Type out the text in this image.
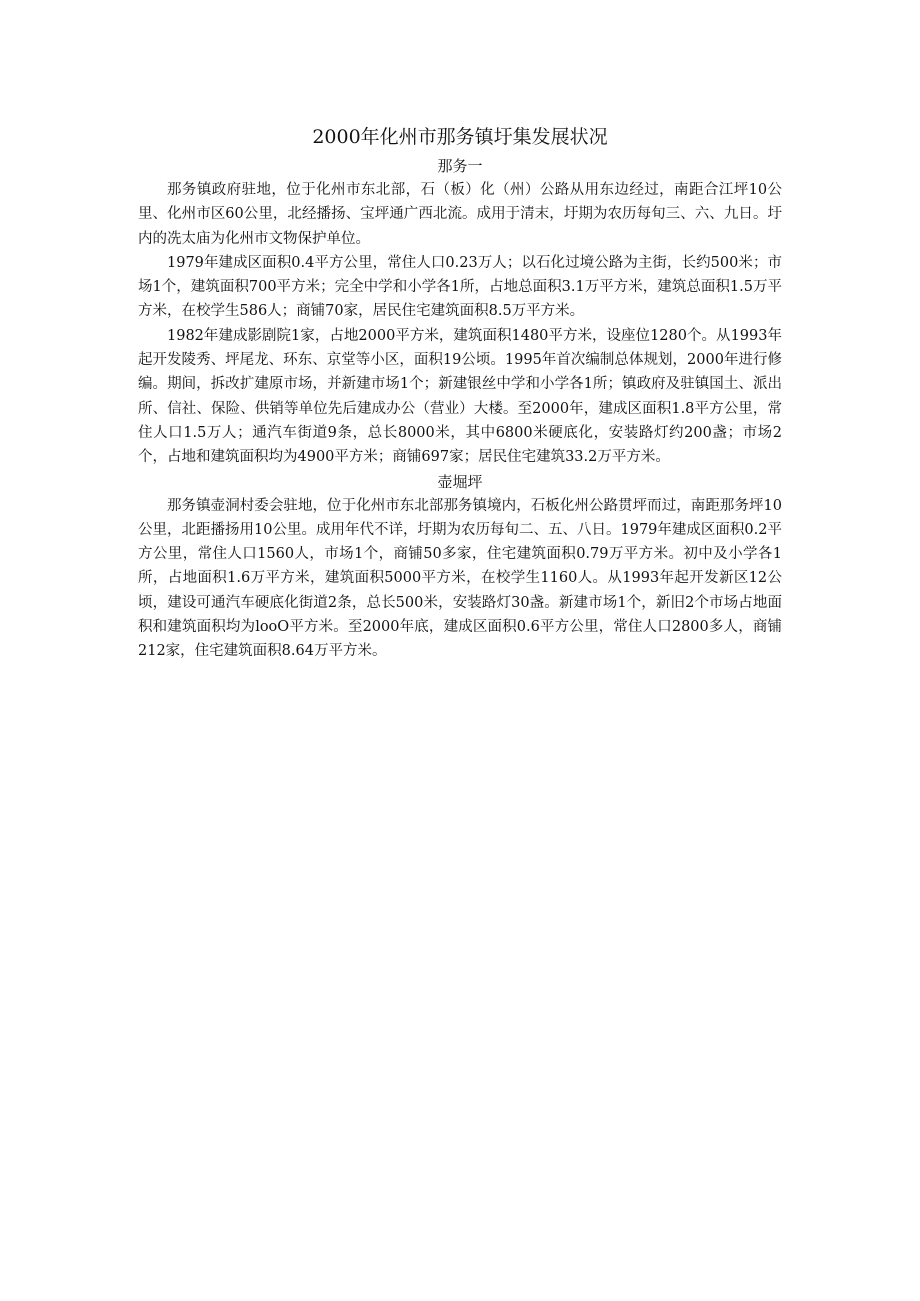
2000年化州市那务镇圩集发展状况
那务一

那务镇政府驻地，位于化州市东北部，石（板）化（州）公路从用东边经过，南距合江坪10公里、化州市区60公里，北经播扬、宝坪通广西北流。成用于清末，圩期为农历每旬三、六、九日。圩内的冼太庙为化州市文物保护单位。

1979年建成区面积0.4平方公里，常住人口0.23万人；以石化过境公路为主街，长约500米；市场1个，建筑面积700平方米；完全中学和小学各1所，占地总面积3.1万平方米，建筑总面积1.5万平方米，在校学生586人；商铺70家，居民住宅建筑面积8.5万平方米。

1982年建成影剧院1家，占地2000平方米，建筑面积1480平方米，设座位1280个。从1993年起开发陵秀、坪尾龙、环东、京堂等小区，面积19公顷。1995年首次编制总体规划，2000年进行修编。期间，拆改扩建原市场，并新建市场1个；新建银丝中学和小学各1所；镇政府及驻镇国土、派出所、信社、保险、供销等单位先后建成办公（营业）大楼。至2000年，建成区面积1.8平方公里，常住人口1.5万人；通汽车街道9条，总长8000米，其中6800米硬底化，安装路灯约200盏；市场2个，占地和建筑面积均为4900平方米；商铺697家；居民住宅建筑33.2万平方米。

壶堀坪

那务镇壶洞村委会驻地，位于化州市东北部那务镇境内，石板化州公路贯坪而过，南距那务坪10公里，北距播扬用10公里。成用年代不详，圩期为农历每旬二、五、八日。1979年建成区面积0.2平方公里，常住人口1560人，市场1个，商铺50多家，住宅建筑面积0.79万平方米。初中及小学各1所，占地面积1.6万平方米，建筑面积5000平方米，在校学生1160人。从1993年起开发新区12公顷，建设可通汽车硬底化街道2条，总长500米，安装路灯30盏。新建市场1个，新旧2个市场占地面积和建筑面积均为looO平方米。至2000年底，建成区面积0.6平方公里，常住人口2800多人，商铺212家，住宅建筑面积8.64万平方米。
